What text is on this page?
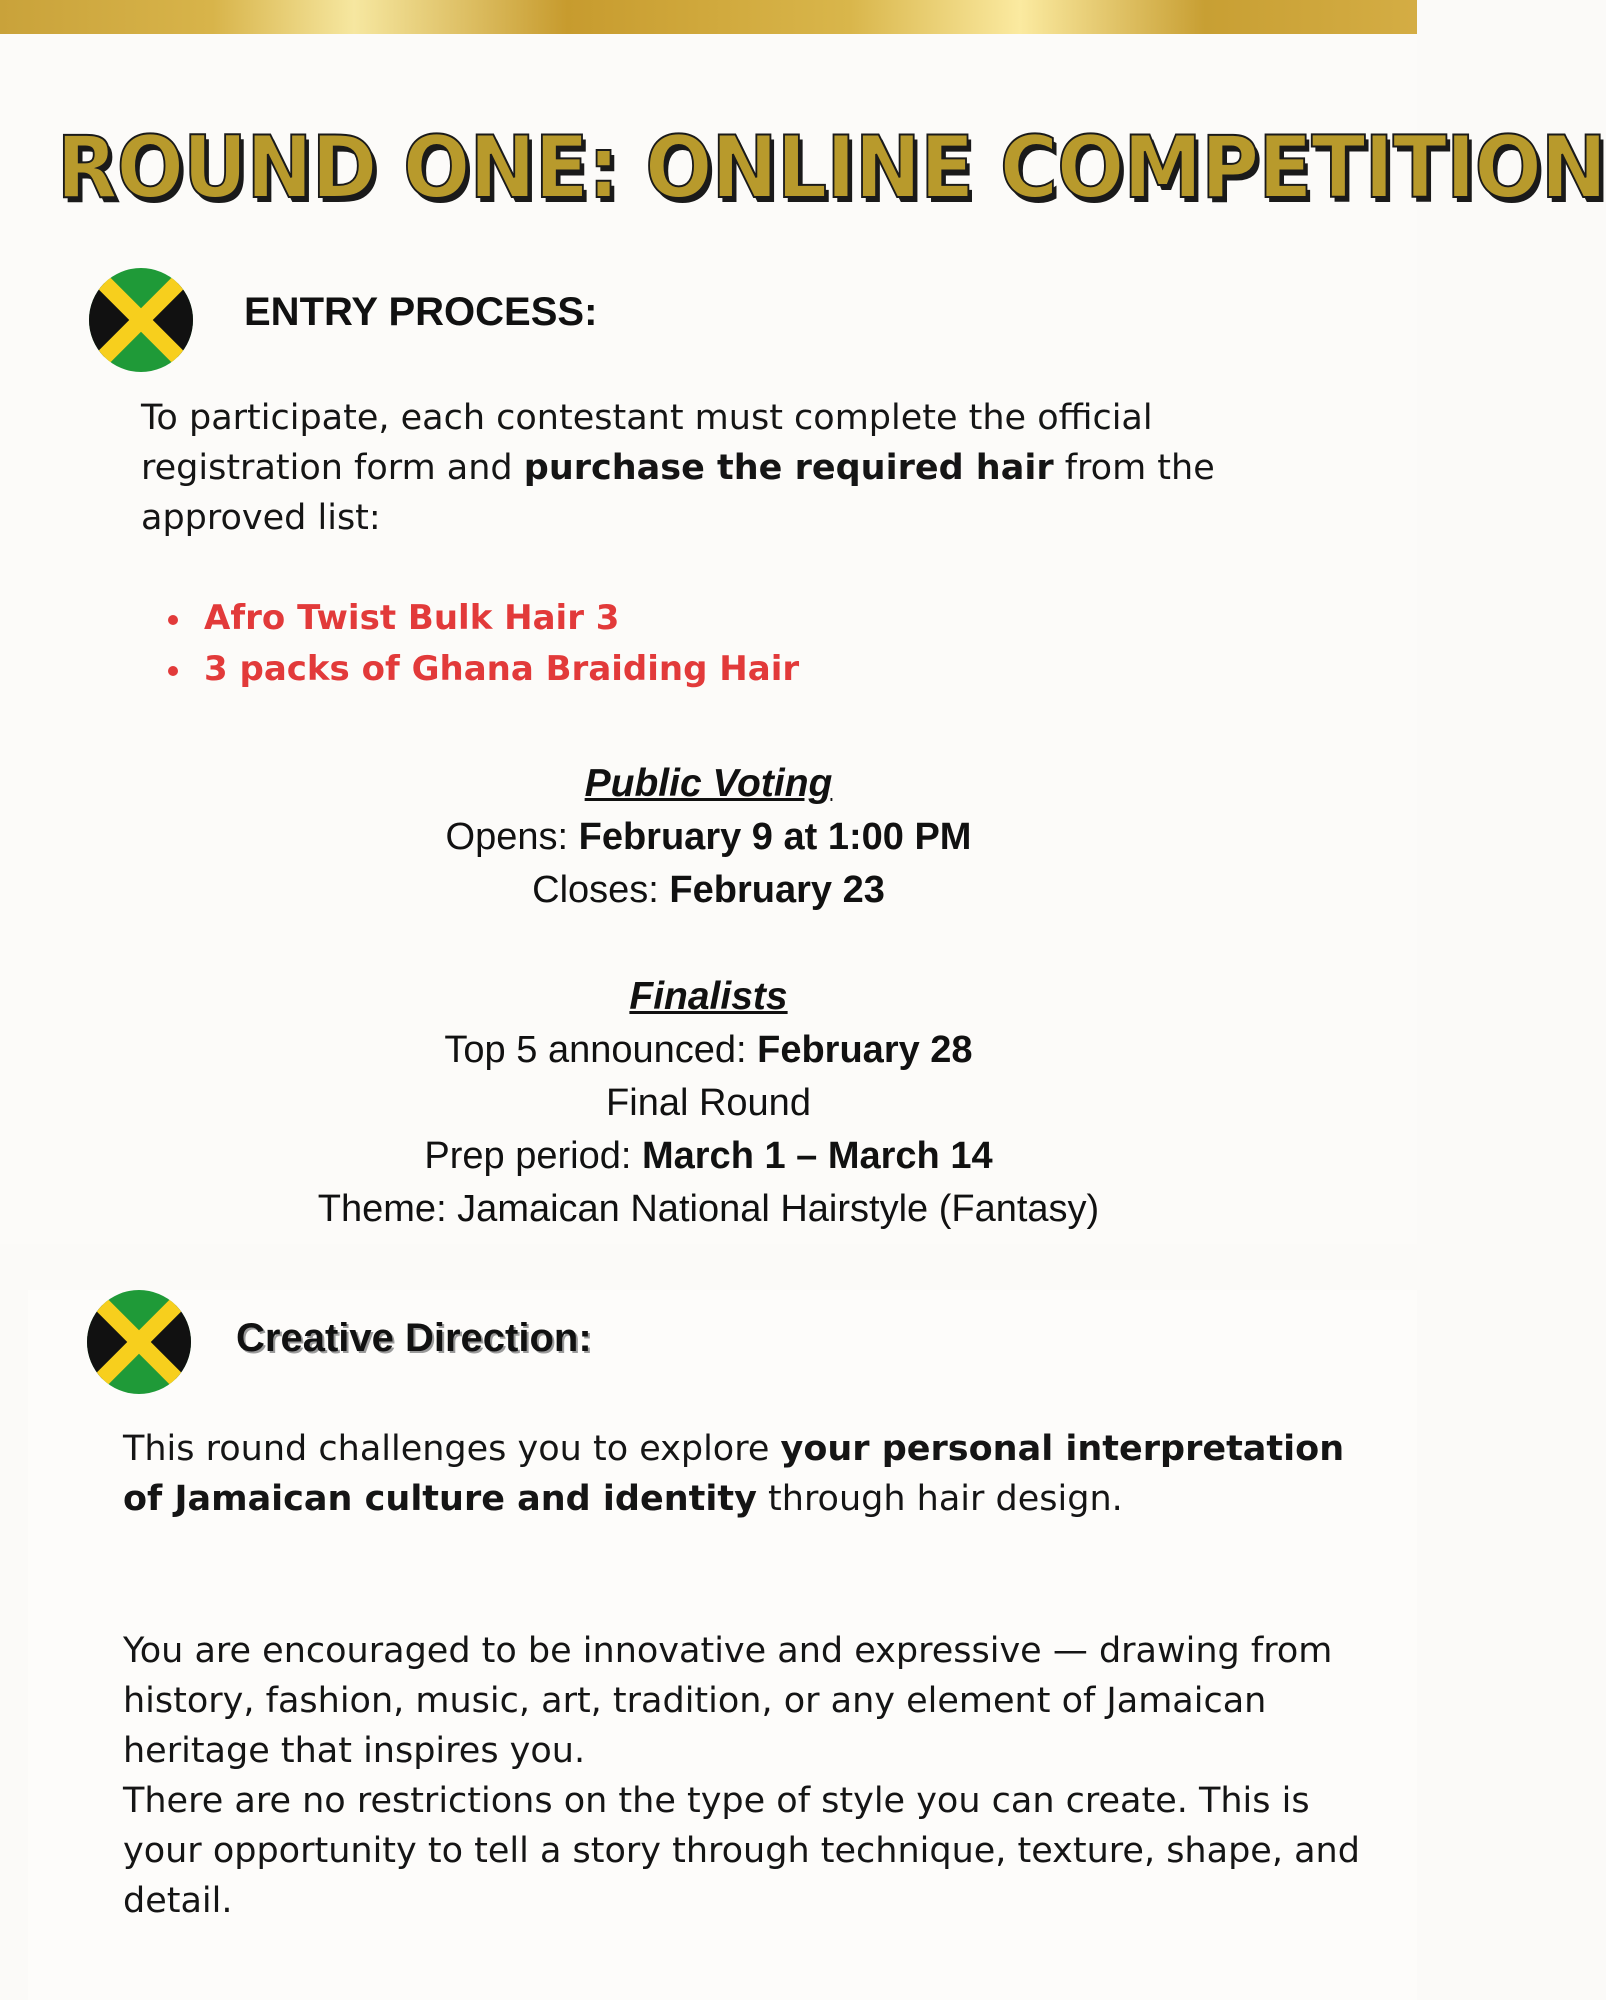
ROUND ONE: ONLINE COMPETITION
ENTRY PROCESS:
To participate, each contestant must complete the official registration form and purchase the required hair from the approved list:
Afro Twist Bulk Hair 3
3 packs of Ghana Braiding Hair
Public Voting
Opens: February 9 at 1:00 PM
Closes: February 23
Finalists
Top 5 announced: February 28
Final Round
Prep period: March 1 – March 14
Theme: Jamaican National Hairstyle (Fantasy)
Creative Direction:
This round challenges you to explore your personal interpretation of Jamaican culture and identity through hair design.
You are encouraged to be innovative and expressive — drawing from history, fashion, music, art, tradition, or any element of Jamaican heritage that inspires you.
There are no restrictions on the type of style you can create. This is your opportunity to tell a story through technique, texture, shape, and detail.
